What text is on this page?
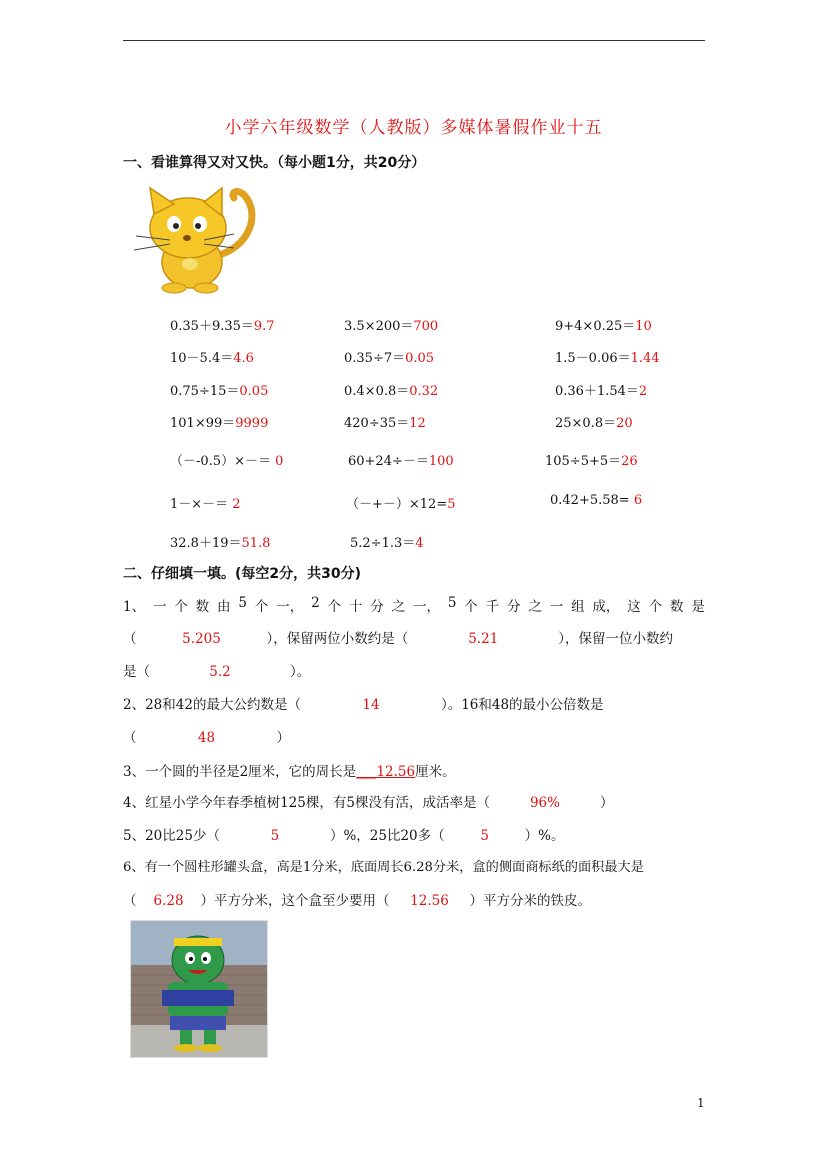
小学六年级数学（人教版）多媒体暑假作业十五
一、看谁算得又对又快。（每小题1分，共20分）
0.35＋9.35＝9.7	3.5×200＝700	9+4×0.25＝10
10－5.4＝4.6	0.35÷7＝0.05	1.5－0.06＝1.44
0.75÷15＝0.05	0.4×0.8＝0.32	0.36＋1.54＝2
101×99＝9999	420÷35＝12	25×0.8＝20
（－-0.5）×－＝ 0	60+24÷－＝100	105÷5+5＝26
1－×－＝ 2	（－+－）×12=5	0.42+5.58= 6
32.8＋19＝51.8	5.2÷1.3＝4
二、仔细填一填。(每空2分，共30分)
1、 一 个 数 由 5 个 一， 2 个 十 分 之 一， 5 个 千 分 之 一 组 成， 这 个 数 是
（	5.205	），保留两位小数约是（	5.21	），保留一位小数约
是（	5.2	）。
2、28和42的最大公约数是（	14	）。16和48的最小公倍数是
（	48	）
3、一个圆的半径是2厘米，它的周长是___12.56厘米。
4、红星小学今年春季植树125棵，有5棵没有活，成活率是（	96%	）
5、20比25少（	5	）%，25比20多（	5	）%。
6、有一个圆柱形罐头盒，高是1分米，底面周长6.28分米，盒的侧面商标纸的面积最大是
（ 6.28 ）平方分米，这个盒至少要用（ 12.56 ）平方分米的铁皮。
1
